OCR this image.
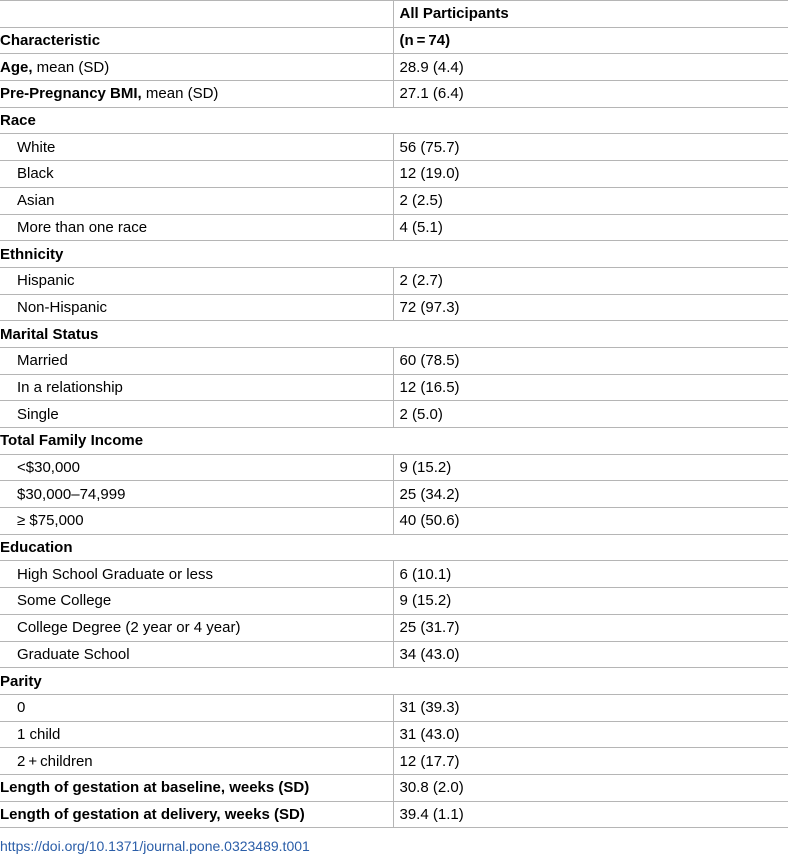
	All Participants
Characteristic	(n = 74)
Age, mean (SD)	28.9 (4.4)
Pre-Pregnancy BMI, mean (SD)	27.1 (6.4)
Race	
White	56 (75.7)
Black	12 (19.0)
Asian	2 (2.5)
More than one race	4 (5.1)
Ethnicity	
Hispanic	2 (2.7)
Non-Hispanic	72 (97.3)
Marital Status	
Married	60 (78.5)
In a relationship	12 (16.5)
Single	2 (5.0)
Total Family Income	
<$30,000	9 (15.2)
$30,000–74,999	25 (34.2)
≥ $75,000	40 (50.6)
Education	
High School Graduate or less	6 (10.1)
Some College	9 (15.2)
College Degree (2 year or 4 year)	25 (31.7)
Graduate School	34 (43.0)
Parity	
0	31 (39.3)
1 child	31 (43.0)
2 + children	12 (17.7)
Length of gestation at baseline, weeks (SD)	30.8 (2.0)
Length of gestation at delivery, weeks (SD)	39.4 (1.1)
https://doi.org/10.1371/journal.pone.0323489.t001
